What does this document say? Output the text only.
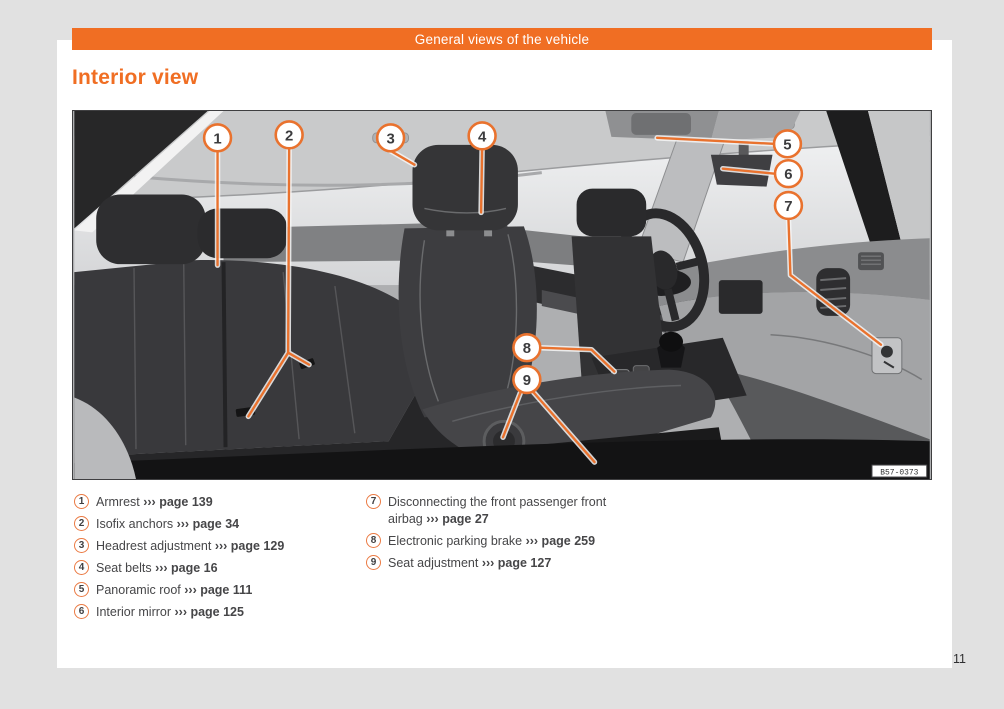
General views of the vehicle
Interior view
1	2	3	4	5
6
7
8
9
B57-0373
1 Armrest ››› page 139
2 Isofix anchors ››› page 34
3 Headrest adjustment ››› page 129
4 Seat belts ››› page 16
5 Panoramic roof ››› page 111
6 Interior mirror ››› page 125
7 Disconnecting the front passenger front airbag ››› page 27
8 Electronic parking brake ››› page 259
9 Seat adjustment ››› page 127
11
